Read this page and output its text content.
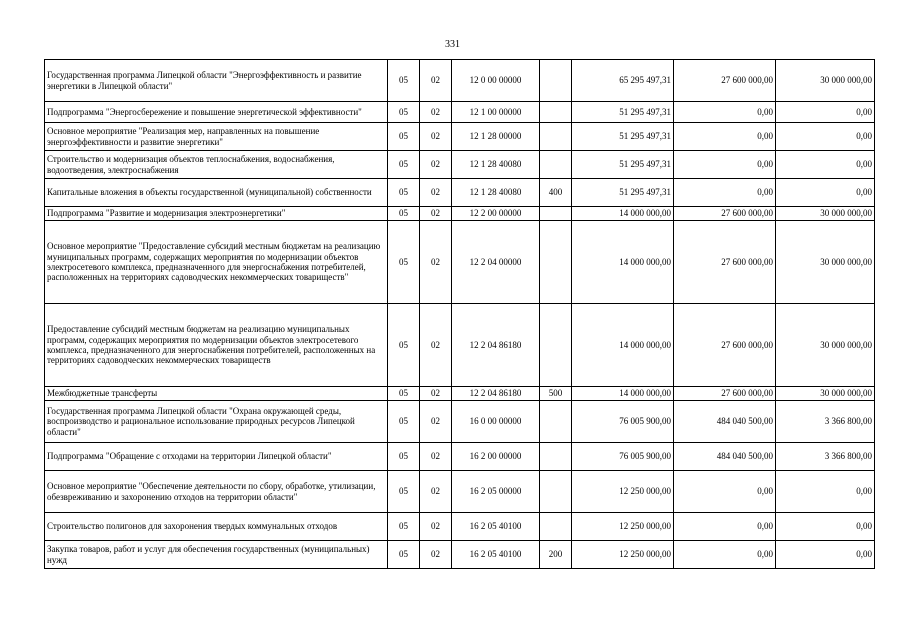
331
Государственная программа Липецкой области "Энергоэффективность и развитие энергетики в Липецкой области"	05	02	12 0 00 00000		65 295 497,31	27 600 000,00	30 000 000,00
Подпрограмма "Энергосбережение и повышение энергетической эффективности"	05	02	12 1 00 00000		51 295 497,31	0,00	0,00
Основное мероприятие "Реализация мер, направленных на повышение энергоэффективности и развитие энергетики"	05	02	12 1 28 00000		51 295 497,31	0,00	0,00
Строительство и модернизация объектов теплоснабжения, водоснабжения, водоотведения, электроснабжения	05	02	12 1 28 40080		51 295 497,31	0,00	0,00
Капитальные вложения в объекты государственной (муниципальной) собственности	05	02	12 1 28 40080	400	51 295 497,31	0,00	0,00
Подпрограмма "Развитие и модернизация электроэнергетики"	05	02	12 2 00 00000		14 000 000,00	27 600 000,00	30 000 000,00
Основное мероприятие "Предоставление субсидий местным бюджетам на реализацию муниципальных программ, содержащих мероприятия по модернизации объектов электросетевого комплекса, предназначенного для энергоснабжения потребителей, расположенных на территориях садоводческих некоммерческих товариществ"	05	02	12 2 04 00000		14 000 000,00	27 600 000,00	30 000 000,00
Предоставление субсидий местным бюджетам на реализацию муниципальных программ, содержащих мероприятия по модернизации объектов электросетевого комплекса, предназначенного для энергоснабжения потребителей, расположенных на территориях садоводческих некоммерческих товариществ	05	02	12 2 04 86180		14 000 000,00	27 600 000,00	30 000 000,00
Межбюджетные трансферты	05	02	12 2 04 86180	500	14 000 000,00	27 600 000,00	30 000 000,00
Государственная программа Липецкой области "Охрана окружающей среды, воспроизводство и рациональное использование природных ресурсов Липецкой области"	05	02	16 0 00 00000		76 005 900,00	484 040 500,00	3 366 800,00
Подпрограмма "Обращение с отходами на территории Липецкой области"	05	02	16 2 00 00000		76 005 900,00	484 040 500,00	3 366 800,00
Основное мероприятие "Обеспечение деятельности по сбору, обработке, утилизации, обезвреживанию и захоронению отходов на территории области"	05	02	16 2 05 00000		12 250 000,00	0,00	0,00
Строительство полигонов для захоронения твердых коммунальных отходов	05	02	16 2 05 40100		12 250 000,00	0,00	0,00
Закупка товаров, работ и услуг для обеспечения государственных (муниципальных) нужд	05	02	16 2 05 40100	200	12 250 000,00	0,00	0,00
